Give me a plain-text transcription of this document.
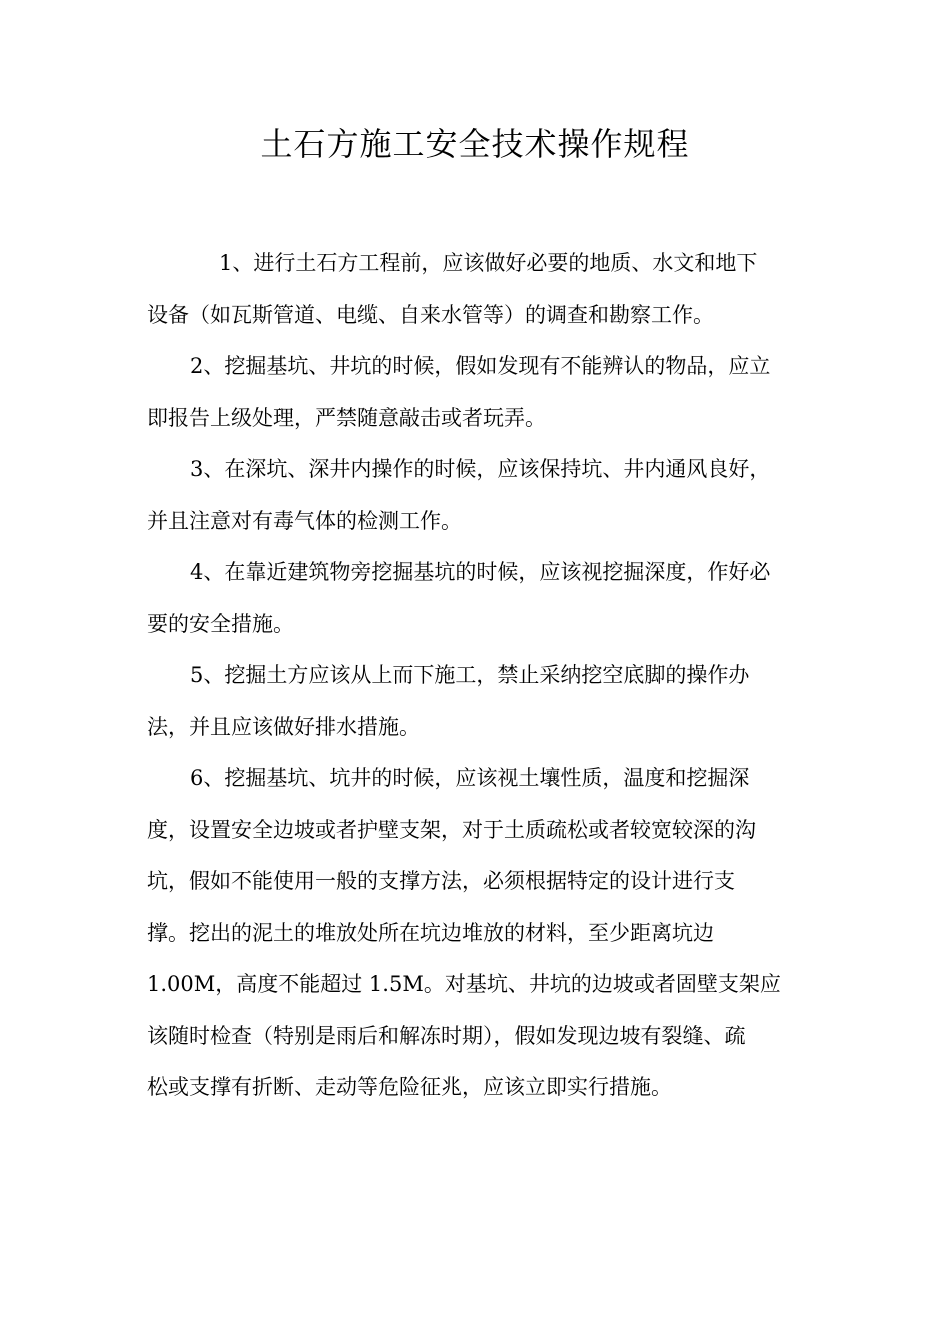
土石方施工安全技术操作规程
1、进行土石方工程前，应该做好必要的地质、水文和地下
设备（如瓦斯管道、电缆、自来水管等）的调查和勘察工作。
2、挖掘基坑、井坑的时候，假如发现有不能辨认的物品，应立
即报告上级处理，严禁随意敲击或者玩弄。
3、在深坑、深井内操作的时候，应该保持坑、井内通风良好，
并且注意对有毒气体的检测工作。
4、在靠近建筑物旁挖掘基坑的时候，应该视挖掘深度，作好必
要的安全措施。
5、挖掘土方应该从上而下施工，禁止采纳挖空底脚的操作办
法，并且应该做好排水措施。
6、挖掘基坑、坑井的时候，应该视土壤性质，温度和挖掘深
度，设置安全边坡或者护壁支架，对于土质疏松或者较宽较深的沟
坑，假如不能使用一般的支撑方法，必须根据特定的设计进行支
撑。挖出的泥土的堆放处所在坑边堆放的材料，至少距离坑边
1.00M，高度不能超过 1.5M。对基坑、井坑的边坡或者固壁支架应
该随时检查（特别是雨后和解冻时期），假如发现边坡有裂缝、疏
松或支撑有折断、走动等危险征兆，应该立即实行措施。
